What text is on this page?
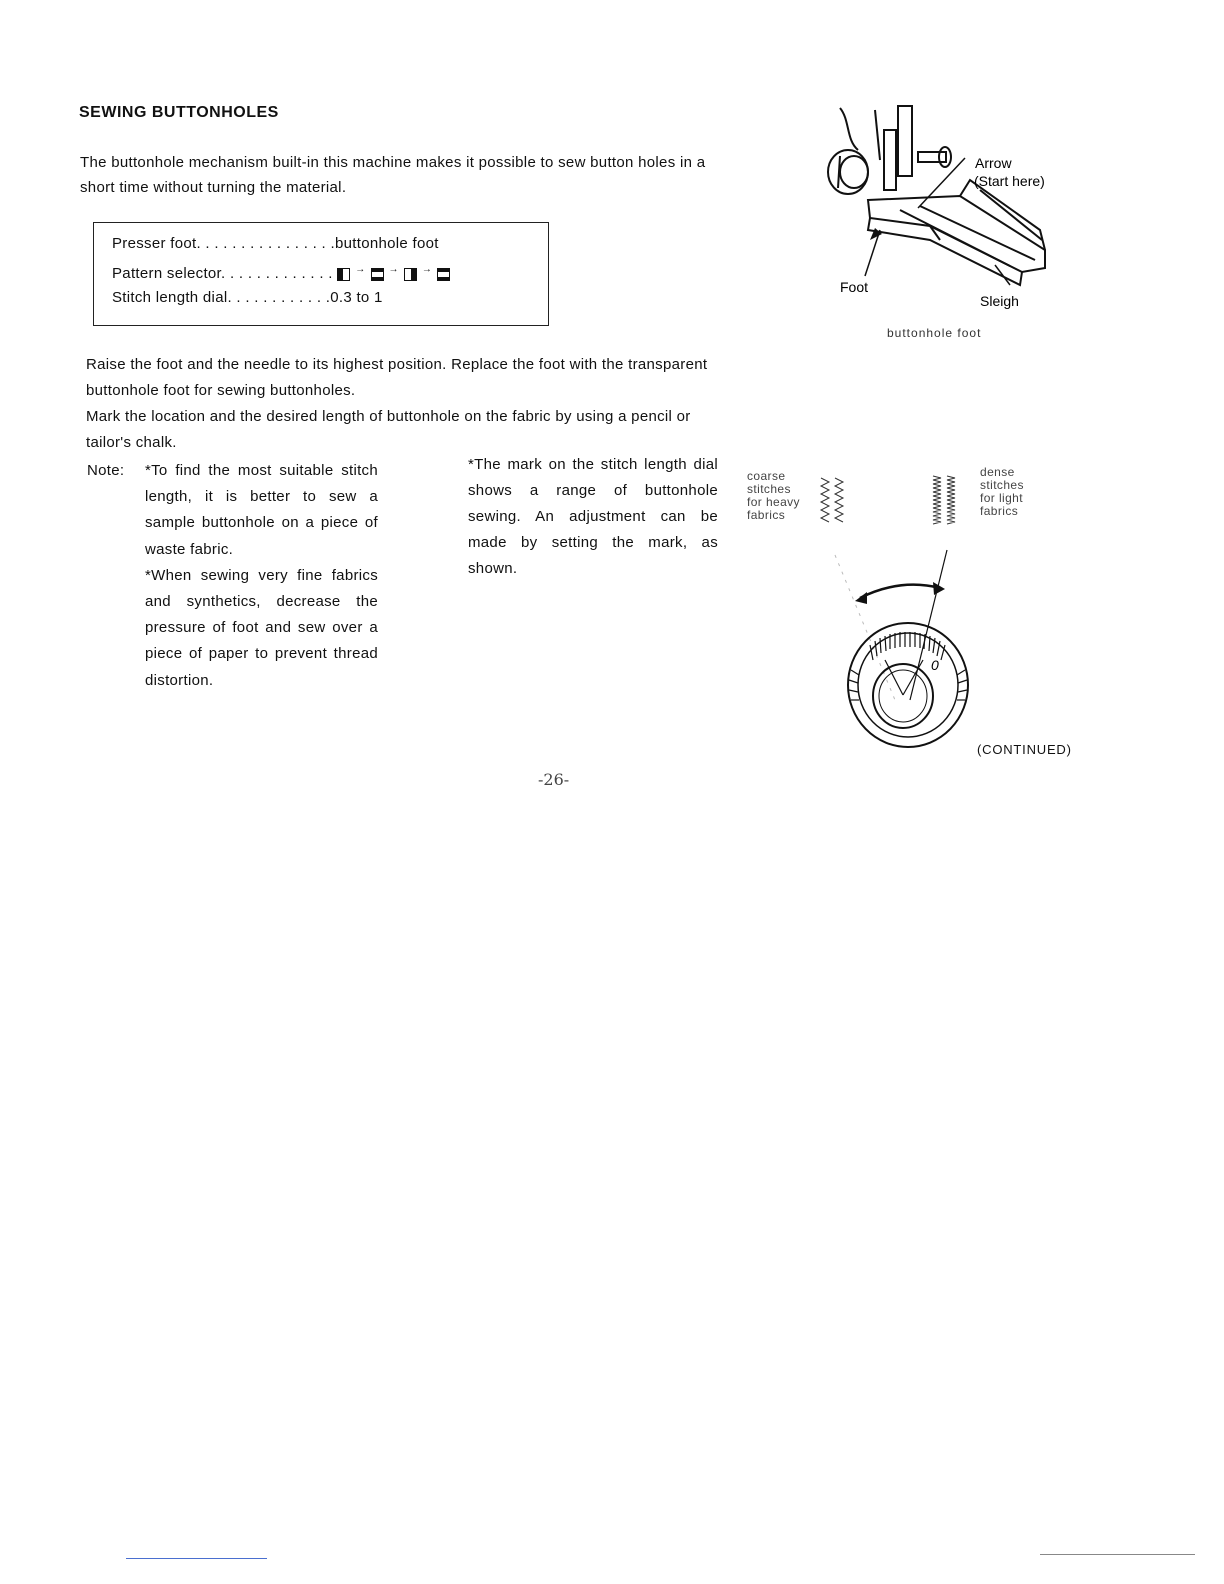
SEWING BUTTONHOLES
The buttonhole mechanism built-in this machine makes it possible to sew button holes in a short time without turning the material.
Presser foot. . . . . . . . . . . . . . . .buttonhole foot
Pattern selector. . . . . . . . . . . . . → → →
Stitch length dial. . . . . . . . . . . .0.3 to 1
Raise the foot and the needle to its highest position. Replace the foot with the transparent buttonhole foot for sewing buttonholes.
Mark the location and the desired length of buttonhole on the fabric by using a pencil or tailor's chalk.
Note: *To find the most suitable stitch length, it is better to sew a sample buttonhole on a piece of waste fabric.

*When sewing very fine fabrics and synthetics, decrease the pressure of foot and sew over a piece of paper to prevent thread distortion.

*The mark on the stitch length dial shows a range of buttonhole sewing. An adjustment can be made by setting the mark, as shown.

Arrow
(Start here)
Foot
Sleigh
buttonhole foot
coarse
stitches
for heavy
fabrics
dense
stitches
for light
fabrics
0
(CONTINUED)
-26-
